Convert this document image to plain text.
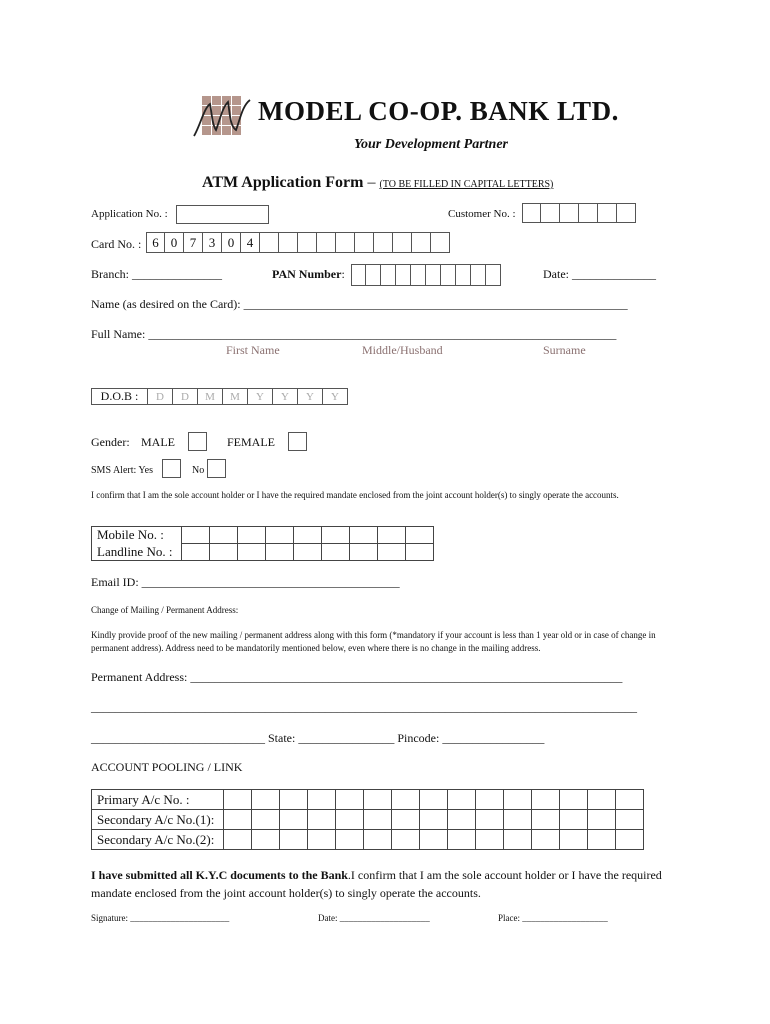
MODEL CO-OP. BANK LTD.
Your Development Partner
ATM Application Form – (TO BE FILLED IN CAPITAL LETTERS)
Application No. :	Customer No. :
Card No. : 6 0 7 3 0 4
Branch: _______________	PAN Number:	Date: ______________
Name (as desired on the Card): ________________________________________________________________
Full Name: ______________________________________________________________________________
First Name	Middle/Husband	Surname
D.O.B :	D	D	M	M	Y	Y	Y	Y
Gender: MALE	FEMALE
SMS Alert: Yes	No
I confirm that I am the sole account holder or I have the required mandate enclosed from the joint account holder(s) to singly operate the accounts.
Mobile No. :									
Landline No. :									
Email ID: ___________________________________________
Change of Mailing / Permanent Address:
Kindly provide proof of the new mailing / permanent address along with this form (*mandatory if your account is less than 1 year old or in case of change in permanent address). Address need to be mandatorily mentioned below, even where there is no change in the mailing address.
Permanent Address: ________________________________________________________________________
___________________________________________________________________________________________
_____________________________ State: ________________ Pincode: _________________
ACCOUNT POOLING / LINK
Primary A/c No. :															
Secondary A/c No.(1):															
Secondary A/c No.(2):															
I have submitted all K.Y.C documents to the Bank.I confirm that I am the sole account holder or I have the required mandate enclosed from the joint account holder(s) to singly operate the accounts.
Signature: ______________________	Date: ____________________	Place: ___________________
